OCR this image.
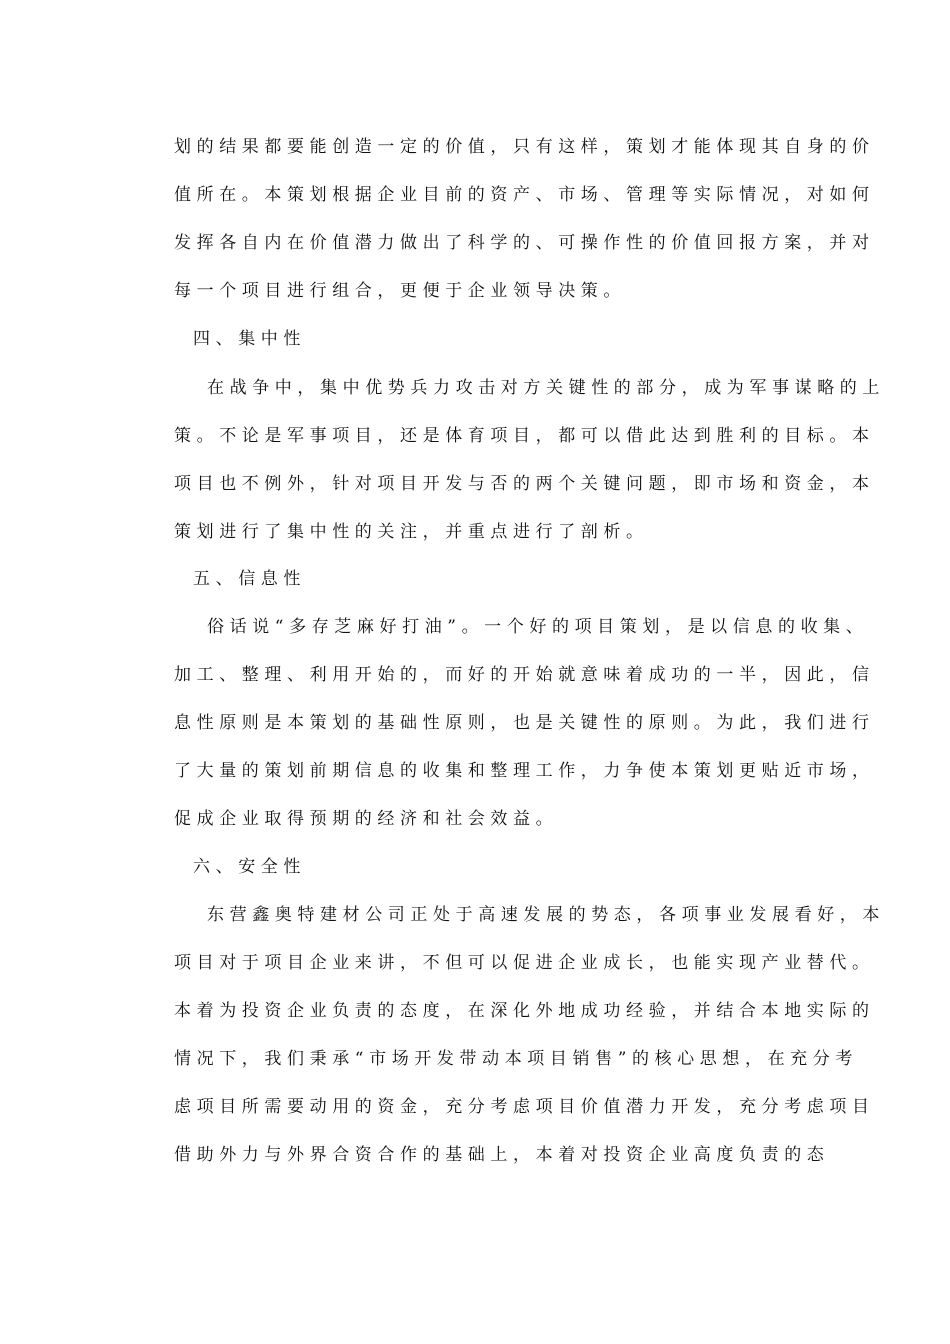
划的结果都要能创造一定的价值，只有这样，策划才能体现其自身的价
值所在。本策划根据企业目前的资产、市场、管理等实际情况，对如何
发挥各自内在价值潜力做出了科学的、可操作性的价值回报方案，并对
每一个项目进行组合，更便于企业领导决策。
四、集中性
在战争中，集中优势兵力攻击对方关键性的部分，成为军事谋略的上
策。不论是军事项目，还是体育项目，都可以借此达到胜利的目标。本
项目也不例外，针对项目开发与否的两个关键问题，即市场和资金，本
策划进行了集中性的关注，并重点进行了剖析。
五、信息性
俗话说“多存芝麻好打油”。一个好的项目策划，是以信息的收集、
加工、整理、利用开始的，而好的开始就意味着成功的一半，因此，信
息性原则是本策划的基础性原则，也是关键性的原则。为此，我们进行
了大量的策划前期信息的收集和整理工作，力争使本策划更贴近市场，
促成企业取得预期的经济和社会效益。
六、安全性
东营鑫奥特建材公司正处于高速发展的势态，各项事业发展看好，本
项目对于项目企业来讲，不但可以促进企业成长，也能实现产业替代。
本着为投资企业负责的态度，在深化外地成功经验，并结合本地实际的
情况下，我们秉承“市场开发带动本项目销售”的核心思想，在充分考
虑项目所需要动用的资金，充分考虑项目价值潜力开发，充分考虑项目
借助外力与外界合资合作的基础上，本着对投资企业高度负责的态
